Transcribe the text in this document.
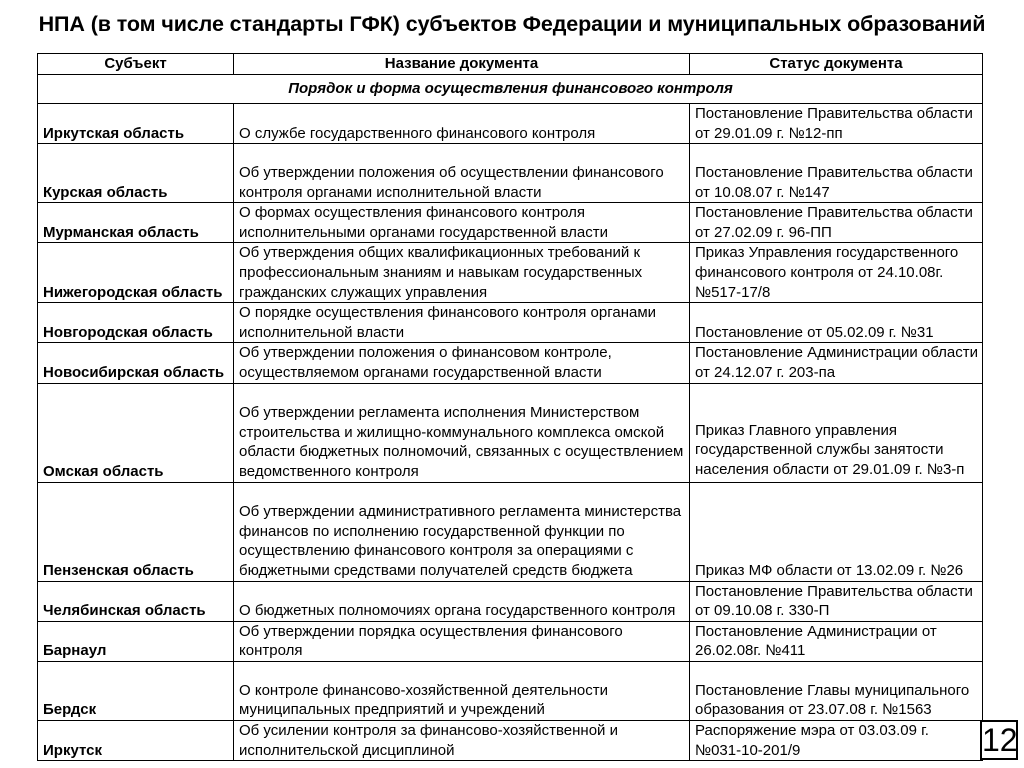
НПА (в том числе стандарты ГФК) субъектов Федерации и муниципальных образований
Субъект	Название документа	Статус документа
Порядок и форма осуществления финансового контроля		
Иркутская область	О службе государственного финансового контроля	Постановление Правительства области от 29.01.09 г. №12-пп
Курская область	Об утверждении положения об осуществлении финансового контроля органами исполнительной власти	Постановление Правительства области от 10.08.07 г. №147
Мурманская область	О формах осуществления финансового контроля исполнительными органами государственной власти	Постановление Правительства области от 27.02.09 г. 96-ПП
Нижегородская область	Об утверждения общих квалификационных требований к профессиональным знаниям и навыкам государственных гражданских служащих управления	Приказ Управления государственного финансового контроля от 24.10.08г. №517-17/8
Новгородская область	О порядке осуществления финансового контроля органами исполнительной власти	Постановление от 05.02.09 г. №31
Новосибирская область	Об утверждении положения о финансовом контроле, осуществляемом органами государственной власти	Постановление Администрации области от 24.12.07 г. 203-па
Омская область	Об утверждении регламента исполнения Министерством строительства и жилищно-коммунального комплекса омской области бюджетных полномочий, связанных с осуществлением ведомственного контроля	Приказ Главного управления государственной службы занятости населения области от 29.01.09 г. №3-п
Пензенская область	Об утверждении административного регламента министерства финансов по исполнению государственной функции по осуществлению финансового контроля за операциями с бюджетными средствами получателей средств бюджета	Приказ МФ области от 13.02.09 г. №26
Челябинская область	О бюджетных полномочиях органа государственного контроля	Постановление Правительства области от 09.10.08 г. 330-П
Барнаул	Об утверждении порядка осуществления финансового контроля	Постановление Администрации от 26.02.08г. №411
Бердск	О контроле финансово-хозяйственной деятельности муниципальных предприятий и учреждений	Постановление Главы муниципального образования от 23.07.08 г. №1563
Иркутск	Об усилении контроля за финансово-хозяйственной и исполнительской дисциплиной	Распоряжение мэра от 03.03.09 г. №031-10-201/9	12
